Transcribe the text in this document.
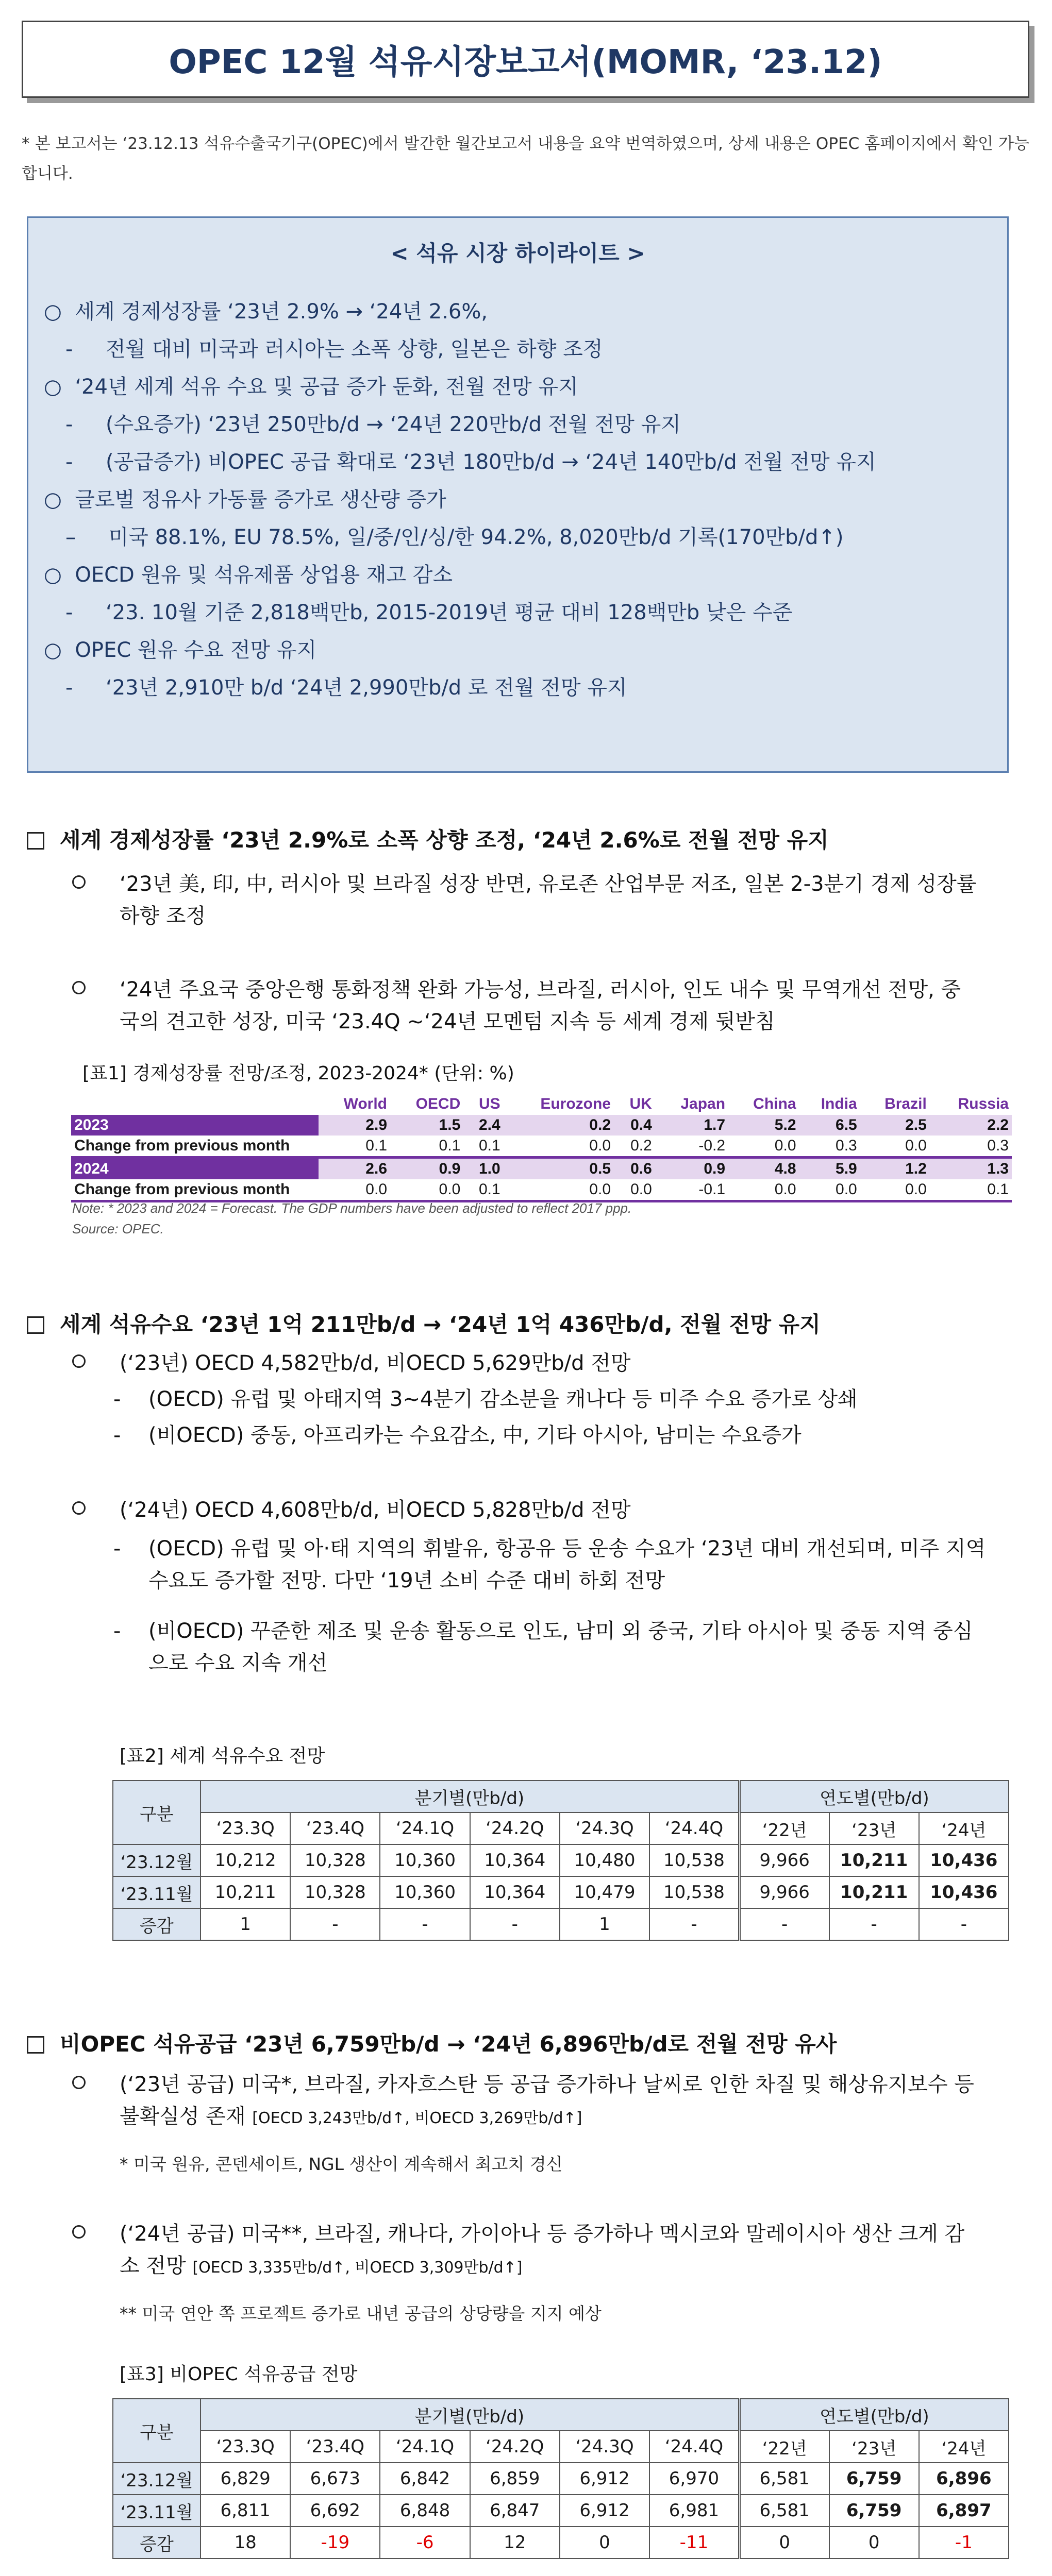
OPEC 12월 석유시장보고서(MOMR, ‘23.12)
* 본 보고서는 ‘23.12.13 석유수출국기구(OPEC)에서 발간한 월간보고서 내용을 요약 번역하였으며, 상세 내용은 OPEC 홈페이지에서 확인 가능합니다.
< 석유 시장 하이라이트 >
○ 세계 경제성장률 ‘23년 2.9% → ‘24년 2.6%,
- 전월 대비 미국과 러시아는 소폭 상향, 일본은 하향 조정
○ ‘24년 세계 석유 수요 및 공급 증가 둔화, 전월 전망 유지
- (수요증가) ‘23년 250만b/d → ‘24년 220만b/d 전월 전망 유지
- (공급증가) 비OPEC 공급 확대로 ‘23년 180만b/d → ‘24년 140만b/d 전월 전망 유지
○ 글로벌 정유사 가동률 증가로 생산량 증가
– 미국 88.1%, EU 78.5%, 일/중/인/싱/한 94.2%, 8,020만b/d 기록(170만b/d↑)
○ OECD 원유 및 석유제품 상업용 재고 감소
- ‘23. 10월 기준 2,818백만b, 2015-2019년 평균 대비 128백만b 낮은 수준
○ OPEC 원유 수요 전망 유지
- ‘23년 2,910만 b/d ‘24년 2,990만b/d 로 전월 전망 유지
세계 경제성장률 ‘23년 2.9%로 소폭 상향 조정, ‘24년 2.6%로 전월 전망 유지
‘23년 美, 印, 中, 러시아 및 브라질 성장 반면, 유로존 산업부문 저조, 일본 2-3분기 경제 성장률 하향 조정
‘24년 주요국 중앙은행 통화정책 완화 가능성, 브라질, 러시아, 인도 내수 및 무역개선 전망, 중국의 견고한 성장, 미국 ‘23.4Q ~‘24년 모멘텀 지속 등 세계 경제 뒷받침
[표1] 경제성장률 전망/조정, 2023-2024* (단위: %)
	World	OECD	US	Eurozone	UK	Japan	China	India	Brazil	Russia
2023	2.9	1.5	2.4	0.2	0.4	1.7	5.2	6.5	2.5	2.2
Change from previous month	0.1	0.1	0.1	0.0	0.2	-0.2	0.0	0.3	0.0	0.3
2024	2.6	0.9	1.0	0.5	0.6	0.9	4.8	5.9	1.2	1.3
Change from previous month	0.0	0.0	0.1	0.0	0.0	-0.1	0.0	0.0	0.0	0.1
Note: * 2023 and 2024 = Forecast. The GDP numbers have been adjusted to reflect 2017 ppp.
Source: OPEC.
세계 석유수요 ‘23년 1억 211만b/d → ‘24년 1억 436만b/d, 전월 전망 유지
(‘23년) OECD 4,582만b/d, 비OECD 5,629만b/d 전망
- (OECD) 유럽 및 아태지역 3~4분기 감소분을 캐나다 등 미주 수요 증가로 상쇄
- (비OECD) 중동, 아프리카는 수요감소, 中, 기타 아시아, 남미는 수요증가
(‘24년) OECD 4,608만b/d, 비OECD 5,828만b/d 전망
- (OECD) 유럽 및 아·태 지역의 휘발유, 항공유 등 운송 수요가 ‘23년 대비 개선되며, 미주 지역 수요도 증가할 전망. 다만 ‘19년 소비 수준 대비 하회 전망
- (비OECD) 꾸준한 제조 및 운송 활동으로 인도, 남미 외 중국, 기타 아시아 및 중동 지역 중심으로 수요 지속 개선
[표2] 세계 석유수요 전망
구분	분기별(만b/d)						연도별(만b/d)		
	‘23.3Q	‘23.4Q	‘24.1Q	‘24.2Q	‘24.3Q	‘24.4Q	‘22년	‘23년	‘24년
‘23.12월	10,212	10,328	10,360	10,364	10,480	10,538	9,966	10,211	10,436
‘23.11월	10,211	10,328	10,360	10,364	10,479	10,538	9,966	10,211	10,436
증감	1	-	-	-	1	-	-	-	-
비OPEC 석유공급 ‘23년 6,759만b/d → ‘24년 6,896만b/d로 전월 전망 유사
(‘23년 공급) 미국*, 브라질, 카자흐스탄 등 공급 증가하나 날씨로 인한 차질 및 해상유지보수 등 불확실성 존재 [OECD 3,243만b/d↑, 비OECD 3,269만b/d↑]
* 미국 원유, 콘덴세이트, NGL 생산이 계속해서 최고치 경신
(‘24년 공급) 미국**, 브라질, 캐나다, 가이아나 등 증가하나 멕시코와 말레이시아 생산 크게 감소 전망 [OECD 3,335만b/d↑, 비OECD 3,309만b/d↑]
** 미국 연안 쪽 프로젝트 증가로 내년 공급의 상당량을 지지 예상
[표3] 비OPEC 석유공급 전망
구분	분기별(만b/d)						연도별(만b/d)		
	‘23.3Q	‘23.4Q	‘24.1Q	‘24.2Q	‘24.3Q	‘24.4Q	‘22년	‘23년	‘24년
‘23.12월	6,829	6,673	6,842	6,859	6,912	6,970	6,581	6,759	6,896
‘23.11월	6,811	6,692	6,848	6,847	6,912	6,981	6,581	6,759	6,897
증감	18	-19	-6	12	0	-11	0	0	-1
